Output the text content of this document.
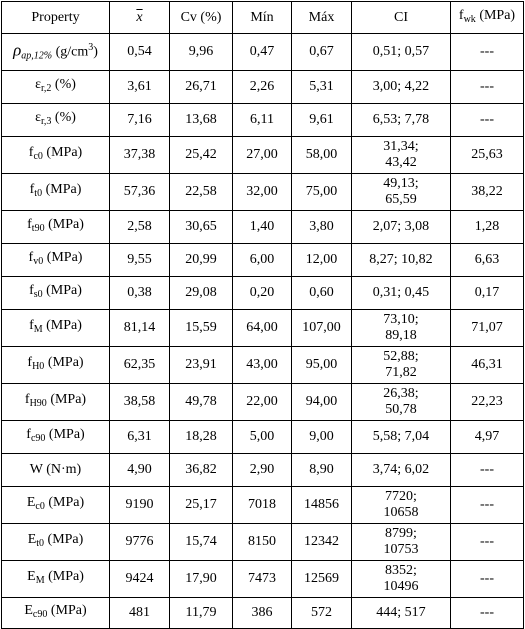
Property	$\overline{x}$	Cv (%)	Mín	Máx	CI	$f_{wk}$ (MPa)
$\rho_{ap,12\%}$ $(g/cm^3)$	0,54	9,96	0,47	0,67	0,51; 0,57	---
$\varepsilon_{r,2}$ (%)	3,61	26,71	2,26	5,31	3,00; 4,22	---
$\varepsilon_{r,3}$ (%)	7,16	13,68	6,11	9,61	6,53; 7,78	---
$f_{c0}$ (MPa)	37,38	25,42	27,00	58,00	31,34;
43,42	25,63
$f_{t0}$ (MPa)	57,36	22,58	32,00	75,00	49,13;
65,59	38,22
$f_{t90}$ (MPa)	2,58	30,65	1,40	3,80	2,07; 3,08	1,28
$f_{v0}$ (MPa)	9,55	20,99	6,00	12,00	8,27; 10,82	6,63
$f_{s0}$ (MPa)	0,38	29,08	0,20	0,60	0,31; 0,45	0,17
$f_M$ (MPa)	81,14	15,59	64,00	107,00	73,10;
89,18	71,07
$f_{H0}$ (MPa)	62,35	23,91	43,00	95,00	52,88;
71,82	46,31
$f_{H90}$ (MPa)	38,58	49,78	22,00	94,00	26,38;
50,78	22,23
$f_{c90}$ (MPa)	6,31	18,28	5,00	9,00	5,58; 7,04	4,97
W (N·m)	4,90	36,82	2,90	8,90	3,74; 6,02	---
$E_{c0}$ (MPa)	9190	25,17	7018	14856	7720;
10658	---
$E_{t0}$ (MPa)	9776	15,74	8150	12342	8799;
10753	---
$E_M$ (MPa)	9424	17,90	7473	12569	8352;
10496	---
$E_{c90}$ (MPa)	481	11,79	386	572	444; 517	---
